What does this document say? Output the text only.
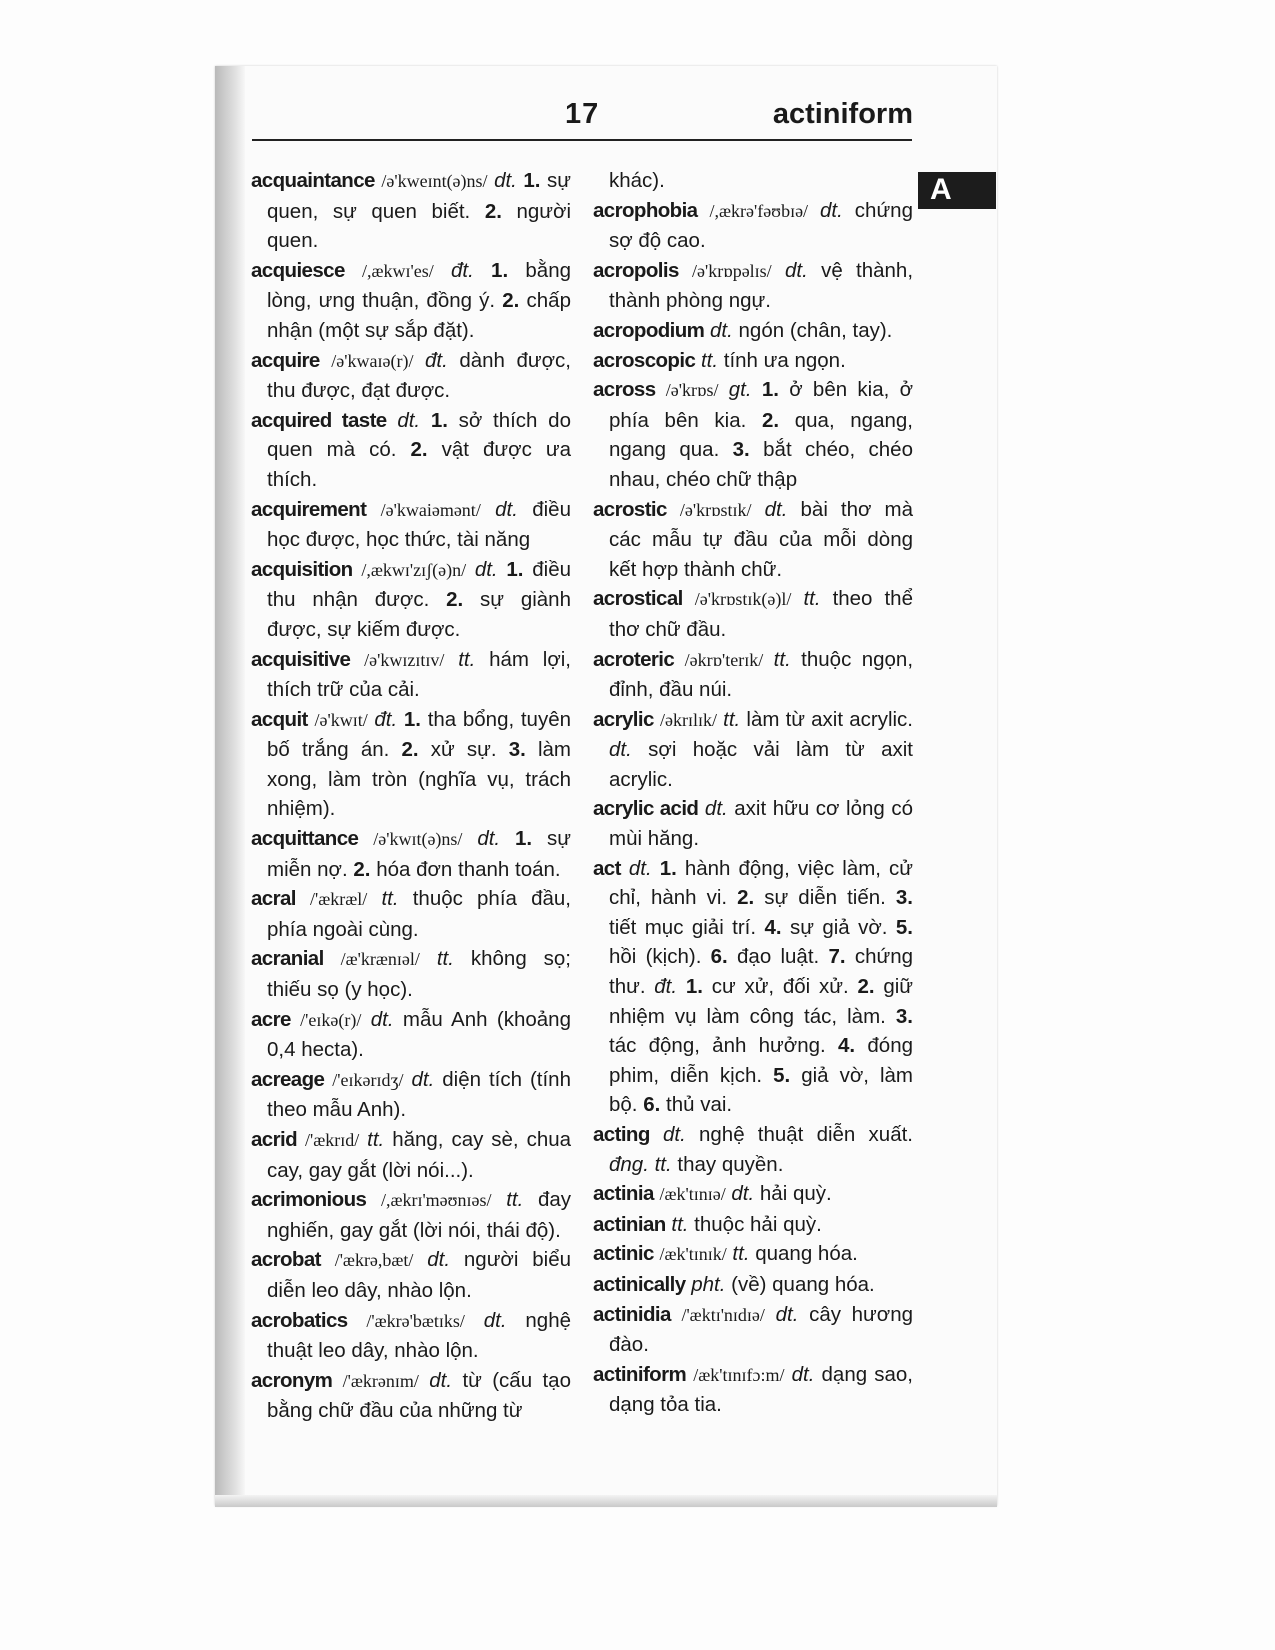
17	actiniform
A
acquaintance /ə'kweɪnt(ə)ns/ dt. 1. sự quen, sự quen biết. 2. người quen.
acquiesce /,ækwɪ'es/ đt. 1. bằng lòng, ưng thuận, đồng ý. 2. chấp nhận (một sự sắp đặt).
acquire /ə'kwaɪə(r)/ đt. dành được, thu được, đạt được.
acquired taste dt. 1. sở thích do quen mà có. 2. vật được ưa thích.
acquirement /ə'kwaiəmənt/ dt. điều học được, học thức, tài năng
acquisition /,ækwɪ'zɪʃ(ə)n/ dt. 1. điều thu nhận được. 2. sự giành được, sự kiếm được.
acquisitive /ə'kwɪzɪtɪv/ tt. hám lợi, thích trữ của cải.
acquit /ə'kwɪt/ đt. 1. tha bổng, tuyên bố trắng án. 2. xử sự. 3. làm xong, làm tròn (nghĩa vụ, trách nhiệm).
acquittance /ə'kwɪt(ə)ns/ dt. 1. sự miễn nợ. 2. hóa đơn thanh toán.
acral /'ækræl/ tt. thuộc phía đầu, phía ngoài cùng.
acranial /æ'krænɪəl/ tt. không sọ; thiếu sọ (y học).
acre /'eɪkə(r)/ dt. mẫu Anh (khoảng 0,4 hecta).
acreage /'eɪkərɪdʒ/ dt. diện tích (tính theo mẫu Anh).
acrid /'ækrɪd/ tt. hăng, cay sè, chua cay, gay gắt (lời nói...).
acrimonious /,ækrɪ'məʊnɪəs/ tt. đay nghiến, gay gắt (lời nói, thái độ).
acrobat /'ækrə,bæt/ dt. người biểu diễn leo dây, nhào lộn.
acrobatics /'ækrə'bætɪks/ dt. nghệ thuật leo dây, nhào lộn.
acronym /'ækrənɪm/ dt. từ (cấu tạo bằng chữ đầu của những từ
khác).
acrophobia /,ækrə'fəʊbɪə/ dt. chứng sợ độ cao.
acropolis /ə'krɒpəlɪs/ dt. vệ thành, thành phòng ngự.
acropodium dt. ngón (chân, tay).
acroscopic tt. tính ưa ngọn.
across /ə'krɒs/ gt. 1. ở bên kia, ở phía bên kia. 2. qua, ngang, ngang qua. 3. bắt chéo, chéo nhau, chéo chữ thập
acrostic /ə'krɒstɪk/ dt. bài thơ mà các mẫu tự đầu của mỗi dòng kết hợp thành chữ.
acrostical /ə'krɒstɪk(ə)l/ tt. theo thể thơ chữ đầu.
acroteric /əkrɒ'terɪk/ tt. thuộc ngọn, đỉnh, đầu núi.
acrylic /əkrɪlɪk/ tt. làm từ axit acrylic. dt. sợi hoặc vải làm từ axit acrylic.
acrylic acid dt. axit hữu cơ lỏng có mùi hăng.
act dt. 1. hành động, việc làm, cử chỉ, hành vi. 2. sự diễn tiến. 3. tiết mục giải trí. 4. sự giả vờ. 5. hồi (kịch). 6. đạo luật. 7. chứng thư. đt. 1. cư xử, đối xử. 2. giữ nhiệm vụ làm công tác, làm. 3. tác động, ảnh hưởng. 4. đóng phim, diễn kịch. 5. giả vờ, làm bộ. 6. thủ vai.
acting dt. nghệ thuật diễn xuất. đng. tt. thay quyền.
actinia /æk'tɪnɪə/ dt. hải quỳ.
actinian tt. thuộc hải quỳ.
actinic /æk'tɪnɪk/ tt. quang hóa.
actinically pht. (về) quang hóa.
actinidia /'æktɪ'nɪdɪə/ dt. cây hương đào.
actiniform /æk'tɪnɪfɔ:m/ dt. dạng sao, dạng tỏa tia.
